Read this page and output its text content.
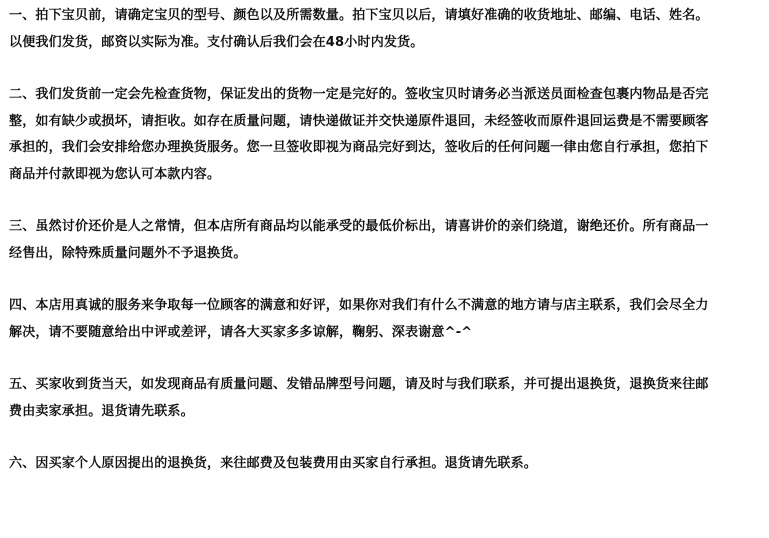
一、拍下宝贝前，请确定宝贝的型号、颜色以及所需数量。拍下宝贝以后，请填好准确的收货地址、邮编、电话、姓名。
以便我们发货，邮资以实际为准。支付确认后我们会在48小时内发货。
二、我们发货前一定会先检查货物，保证发出的货物一定是完好的。签收宝贝时请务必当派送员面检查包裹内物品是否完
整，如有缺少或损坏，请拒收。如存在质量问题，请快递做证并交快递原件退回，未经签收而原件退回运费是不需要顾客
承担的，我们会安排给您办理换货服务。您一旦签收即视为商品完好到达，签收后的任何问题一律由您自行承担，您拍下
商品并付款即视为您认可本款内容。
三、虽然讨价还价是人之常情，但本店所有商品均以能承受的最低价标出，请喜讲价的亲们绕道，谢绝还价。所有商品一
经售出，除特殊质量问题外不予退换货。
四、本店用真诚的服务来争取每一位顾客的满意和好评，如果你对我们有什么不满意的地方请与店主联系，我们会尽全力
解决，请不要随意给出中评或差评，请各大买家多多谅解，鞠躬、深表谢意^-^
五、买家收到货当天，如发现商品有质量问题、发错品牌型号问题，请及时与我们联系，并可提出退换货，退换货来往邮
费由卖家承担。退货请先联系。
六、因买家个人原因提出的退换货，来往邮费及包装费用由买家自行承担。退货请先联系。
